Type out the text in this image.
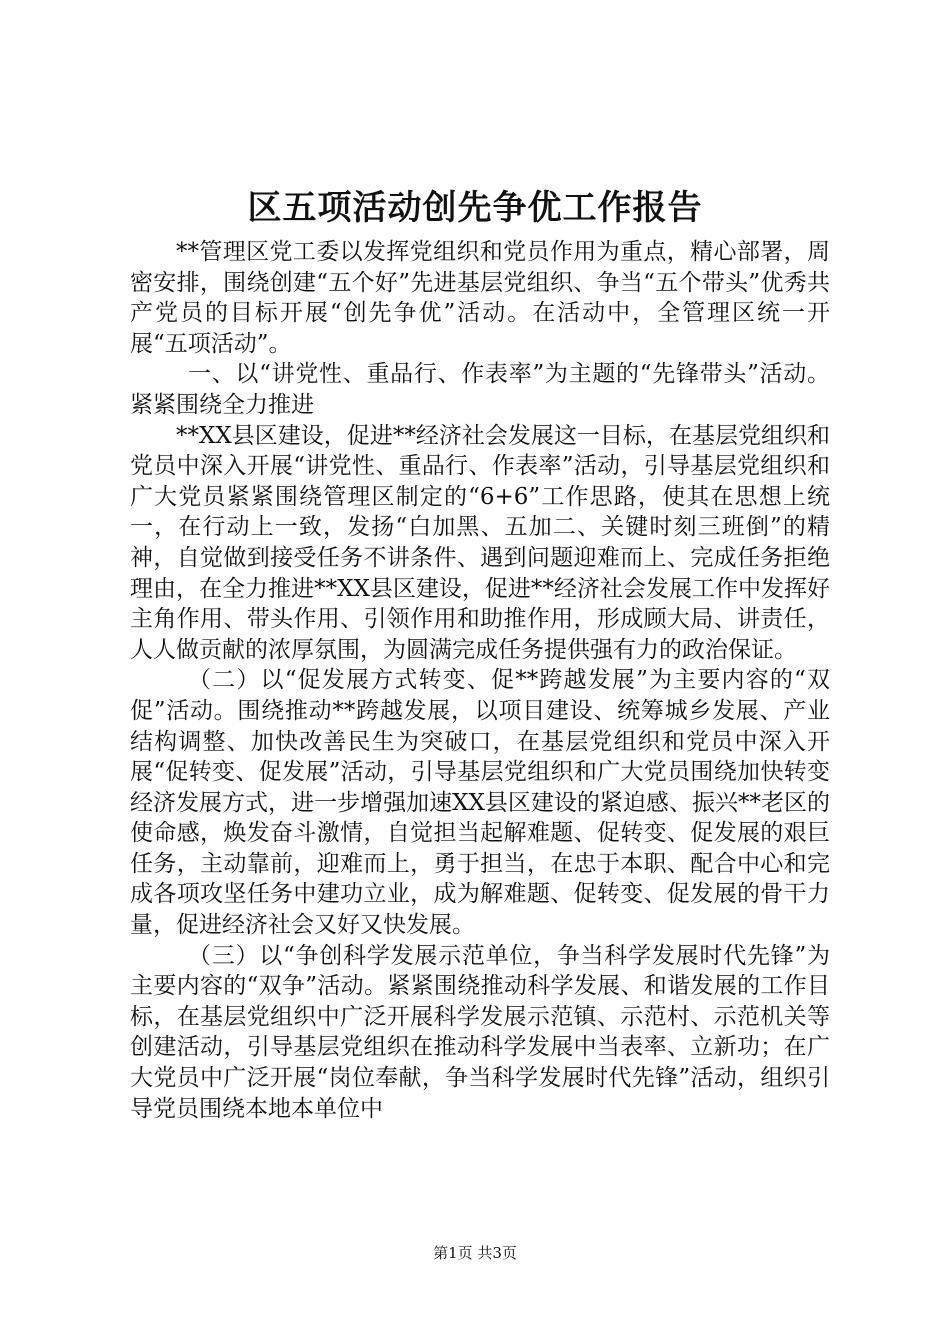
区五项活动创先争优工作报告

**管理区党工委以发挥党组织和党员作用为重点，精心部署，周密安排，围绕创建“五个好”先进基层党组织、争当“五个带头”优秀共产党员的目标开展“创先争优”活动。在活动中，全管理区统一开展“五项活动”。

一、以“讲党性、重品行、作表率”为主题的“先锋带头”活动。紧紧围绕全力推进

**XX县区建设，促进**经济社会发展这一目标，在基层党组织和党员中深入开展“讲党性、重品行、作表率”活动，引导基层党组织和广大党员紧紧围绕管理区制定的“6+6”工作思路，使其在思想上统一，在行动上一致，发扬“白加黑、五加二、关键时刻三班倒”的精神，自觉做到接受任务不讲条件、遇到问题迎难而上、完成任务拒绝理由，在全力推进**XX县区建设，促进**经济社会发展工作中发挥好主角作用、带头作用、引领作用和助推作用，形成顾大局、讲责任，人人做贡献的浓厚氛围，为圆满完成任务提供强有力的政治保证。

（二）以“促发展方式转变、促**跨越发展”为主要内容的“双促”活动。围绕推动**跨越发展，以项目建设、统筹城乡发展、产业结构调整、加快改善民生为突破口，在基层党组织和党员中深入开展“促转变、促发展”活动，引导基层党组织和广大党员围绕加快转变经济发展方式，进一步增强加速XX县区建设的紧迫感、振兴**老区的使命感，焕发奋斗激情，自觉担当起解难题、促转变、促发展的艰巨任务，主动靠前，迎难而上，勇于担当，在忠于本职、配合中心和完成各项攻坚任务中建功立业，成为解难题、促转变、促发展的骨干力量，促进经济社会又好又快发展。

（三）以“争创科学发展示范单位，争当科学发展时代先锋”为主要内容的“双争”活动。紧紧围绕推动科学发展、和谐发展的工作目标，在基层党组织中广泛开展科学发展示范镇、示范村、示范机关等创建活动，引导基层党组织在推动科学发展中当表率、立新功；在广大党员中广泛开展“岗位奉献，争当科学发展时代先锋”活动，组织引导党员围绕本地本单位中

第1页 共3页
